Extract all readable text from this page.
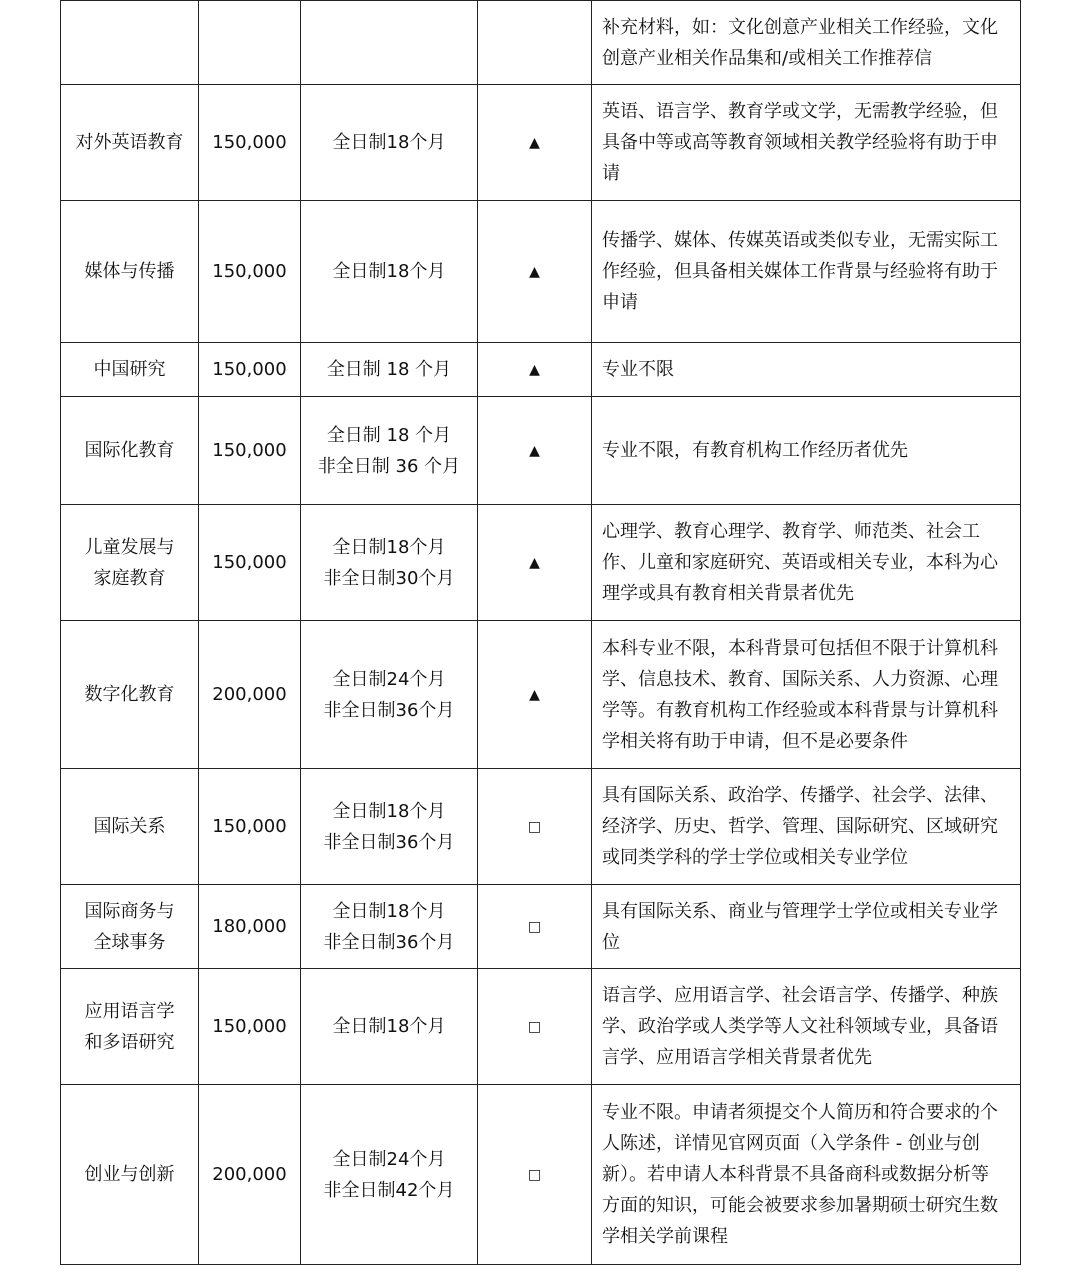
				补充材料，如：文化创意产业相关工作经验，文化
创意产业相关作品集和/或相关工作推荐信

对外英语教育	150,000	全日制18个月	▲	英语、语言学、教育学或文学，无需教学经验，但
具备中等或高等教育领域相关教学经验将有助于申
请

媒体与传播	150,000	全日制18个月	▲	传播学、媒体、传媒英语或类似专业，无需实际工
作经验，但具备相关媒体工作背景与经验将有助于
申请

中国研究	150,000	全日制 18 个月	▲	专业不限

国际化教育	150,000	全日制 18 个月
非全日制 36 个月	▲	专业不限，有教育机构工作经历者优先

儿童发展与
家庭教育	150,000	全日制18个月
非全日制30个月	▲	心理学、教育心理学、教育学、师范类、社会工
作、儿童和家庭研究、英语或相关专业，本科为心
理学或具有教育相关背景者优先

数字化教育	200,000	全日制24个月
非全日制36个月	▲	本科专业不限，本科背景可包括但不限于计算机科
学、信息技术、教育、国际关系、人力资源、心理
学等。有教育机构工作经验或本科背景与计算机科
学相关将有助于申请，但不是必要条件

国际关系	150,000	全日制18个月
非全日制36个月	□	具有国际关系、政治学、传播学、社会学、法律、
经济学、历史、哲学、管理、国际研究、区域研究
或同类学科的学士学位或相关专业学位

国际商务与
全球事务	180,000	全日制18个月
非全日制36个月	□	具有国际关系、商业与管理学士学位或相关专业学
位

应用语言学
和多语研究	150,000	全日制18个月	□	语言学、应用语言学、社会语言学、传播学、种族
学、政治学或人类学等人文社科领域专业，具备语
言学、应用语言学相关背景者优先

创业与创新	200,000	全日制24个月
非全日制42个月	□	专业不限。申请者须提交个人简历和符合要求的个
人陈述，详情见官网页面（入学条件 - 创业与创
新）。若申请人本科背景不具备商科或数据分析等
方面的知识，可能会被要求参加暑期硕士研究生数
学相关学前课程
